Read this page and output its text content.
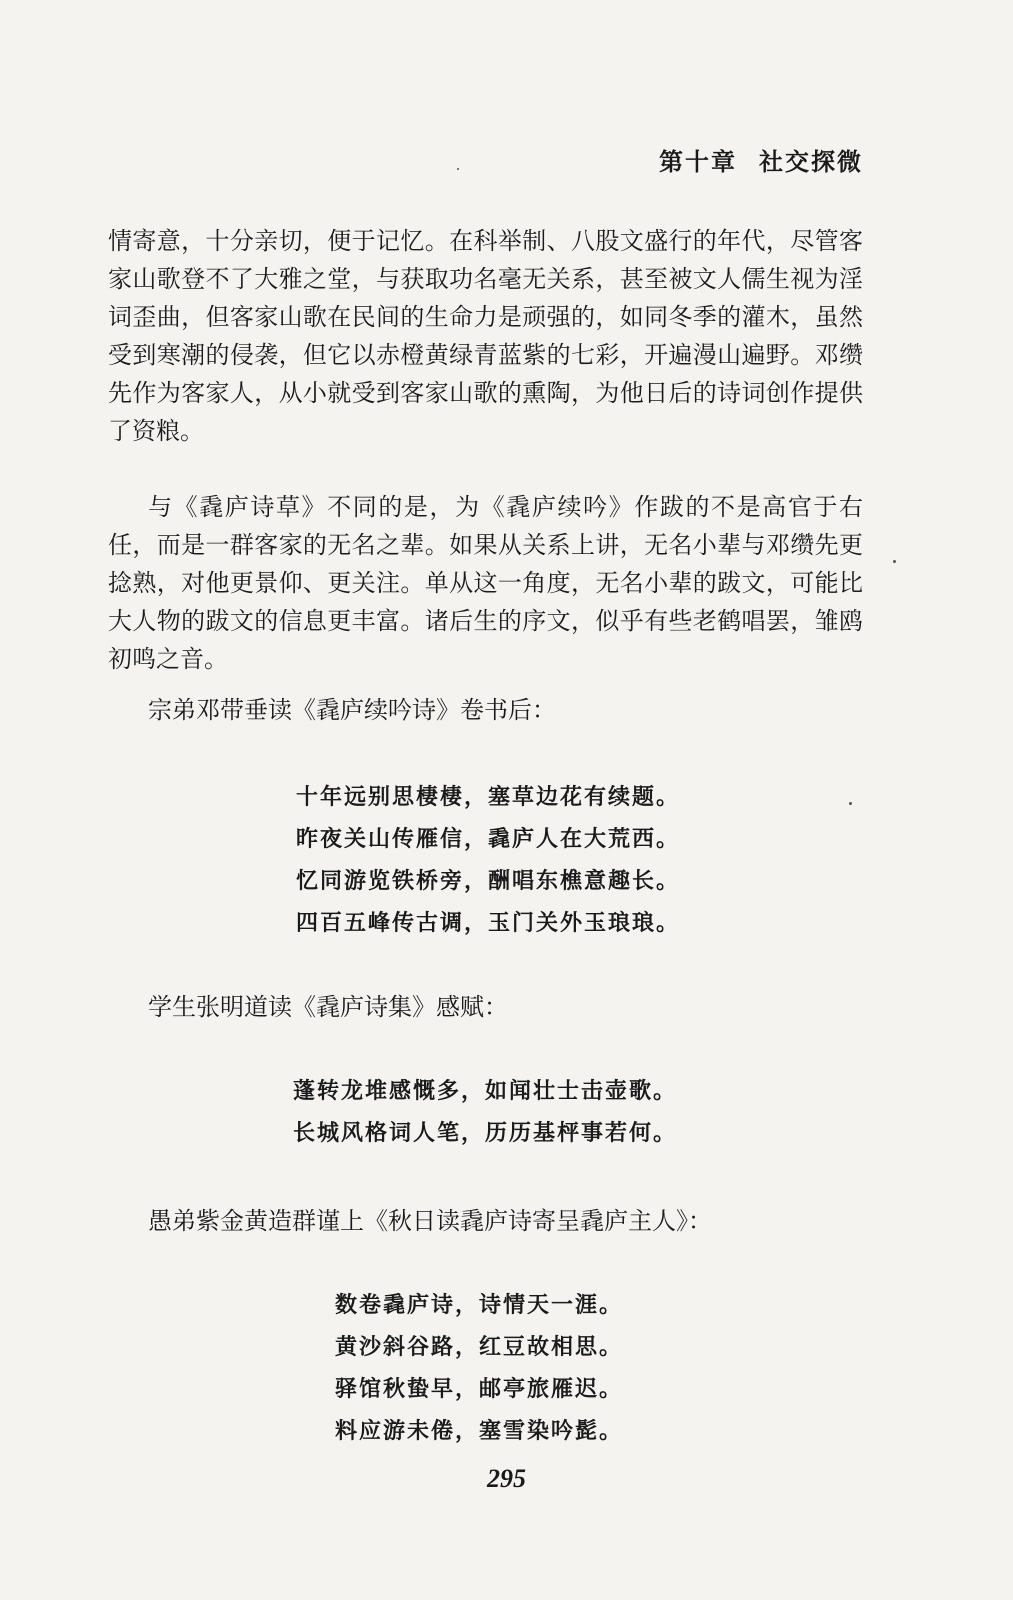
第十章 社交探微

情寄意，十分亲切，便于记忆。在科举制、八股文盛行的年代，尽管客家山歌登不了大雅之堂，与获取功名毫无关系，甚至被文人儒生视为淫词歪曲，但客家山歌在民间的生命力是顽强的，如同冬季的灌木，虽然受到寒潮的侵袭，但它以赤橙黄绿青蓝紫的七彩，开遍漫山遍野。邓缵先作为客家人，从小就受到客家山歌的熏陶，为他日后的诗词创作提供了资粮。

与《毳庐诗草》不同的是，为《毳庐续吟》作跋的不是高官于右任，而是一群客家的无名之辈。如果从关系上讲，无名小辈与邓缵先更捻熟，对他更景仰、更关注。单从这一角度，无名小辈的跋文，可能比大人物的跋文的信息更丰富。诸后生的序文，似乎有些老鹤唱罢，雏鸥初鸣之音。

宗弟邓带垂读《毳庐续吟诗》卷书后：
十年远别思棲棲，塞草边花有续题。
昨夜关山传雁信，毳庐人在大荒西。
忆同游览铁桥旁，酬唱东樵意趣长。
四百五峰传古调，玉门关外玉琅琅。
学生张明道读《毳庐诗集》感赋：
蓬转龙堆感慨多，如闻壮士击壶歌。
长城风格词人笔，历历基枰事若何。
愚弟紫金黄造群谨上《秋日读毳庐诗寄呈毳庐主人》：
数卷毳庐诗，诗情天一涯。
黄沙斜谷路，红豆故相思。
驿馆秋蛰早，邮亭旅雁迟。
料应游未倦，塞雪染吟髭。
295
